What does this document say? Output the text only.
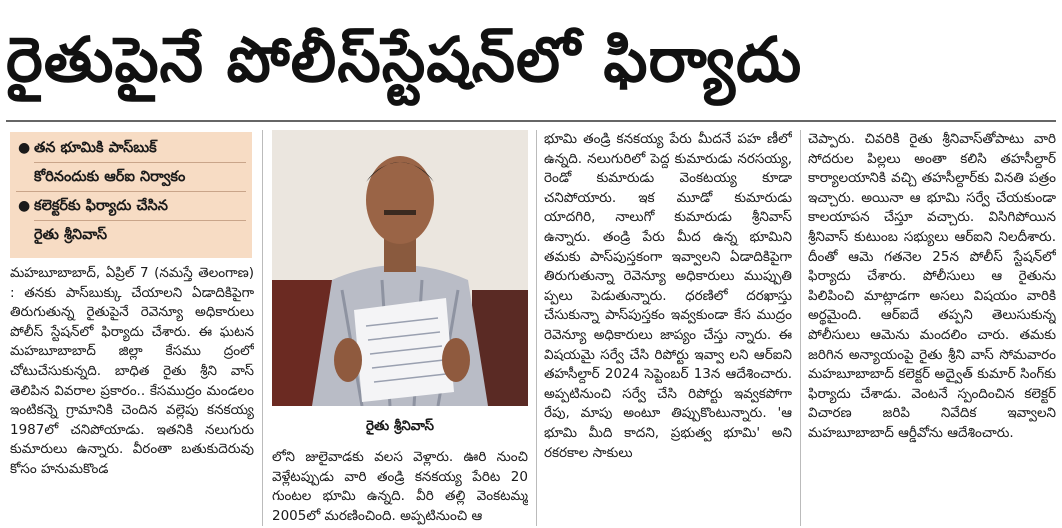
రైతుపైనే పోలీస్‌స్టేషన్‌లో ఫిర్యాదు
● తన భూమికి పాస్‌బుక్
కోరినందుకు ఆర్‌ఐ నిర్వాకం
● కలెక్టర్‌కు ఫిర్యాదు చేసిన
రైతు శ్రీనివాస్

మహబూబాబాద్, ఏప్రిల్ 7 (నమస్తే తెలంగాణ) : తనకు పాస్‌బుక్కు చేయాలని ఏడాదికిపైగా తిరుగుతున్న రైతుపైనే రెవెన్యూ అధికారులు పోలీస్ స్టేషన్‌లో ఫిర్యాదు చేశారు. ఈ ఘటన మహబూబాబాద్ జిల్లా కేసము ద్రంలో చోటుచేసుకున్నది. బాధిత రైతు శ్రీని వాస్ తెలిపిన వివరాల ప్రకారం.. కేసముద్రం మండలం ఇంటికన్నె గ్రామానికి చెందిన వల్లెపు కనకయ్య 1987లో చనిపోయాడు. ఇతనికి నలుగురు కుమారులు ఉన్నారు. వీరంతా బతుకుదెరువు కోసం హనుమకొండ

రైతు శ్రీనివాస్

లోని జులైవాడకు వలస వెళ్లారు. ఊరి నుంచి వెళ్లేటప్పుడు వారి తండ్రి కనకయ్య పేరిట 20 గుంటల భూమి ఉన్నది. వీరి తల్లి వెంకటమ్మ 2005లో మరణించింది. అప్పటినుంచి ఆ

భూమి తండ్రి కనకయ్య పేరు మీదనే పహ ణీలో ఉన్నది. నలుగురిలో పెద్ద కుమారుడు నరసయ్య, రెండో కుమారుడు వెంకటయ్య కూడా చనిపోయారు. ఇక మూడో కుమారుడు యాదగిరి, నాలుగో కుమారుడు శ్రీనివాస్ ఉన్నారు. తండ్రి పేరు మీద ఉన్న భూమిని తమకు పాస్‌పుస్తకంగా ఇవ్వాలని ఏడాదికిపైగా తిరుగుతున్నా రెవెన్యూ అధికారులు ముప్పుతి ప్పలు పెడుతున్నారు. ధరణిలో దరఖాస్తు చేసుకున్నా పాస్‌పుస్తకం ఇవ్వకుండా కేస ముద్రం రెవెన్యూ అధికారులు జాప్యం చేస్తు న్నారు. ఈ విషయమై సర్వే చేసి రిపోర్టు ఇవ్వా లని ఆర్‌ఐని తహసీల్దార్ 2024 సెప్టెంబర్ 13న ఆదేశించారు. అప్పటినుంచి సర్వే చేసి రిపోర్టు ఇవ్వకపోగా రేపు, మాపు అంటూ తిప్పుకొంటున్నారు. 'ఆ భూమి మీది కాదని, ప్రభుత్వ భూమి' అని రకరకాల సాకులు

చెప్పారు. చివరికి రైతు శ్రీనివాస్‌తోపాటు వారి సోదరుల పిల్లలు అంతా కలిసి తహసీల్దార్ కార్యాలయానికి వచ్చి తహసీల్దార్‌కు వినతి పత్రం ఇచ్చారు. అయినా ఆ భూమి సర్వే చేయకుండా కాలయాపన చేస్తూ వచ్చారు. విసిగిపోయిన శ్రీనివాస్ కుటుంబ సభ్యులు ఆర్‌ఐని నిలదీశారు. దీంతో ఆమె గతనెల 25న పోలీస్ స్టేషన్‌లో ఫిర్యాదు చేశారు. పోలీసులు ఆ రైతును పిలిపించి మాట్లాడగా అసలు విషయం వారికి అర్థమైంది. ఆర్‌ఐదే తప్పని తెలుసుకున్న పోలీసులు ఆమెను మందలిం చారు. తమకు జరిగిన అన్యాయంపై రైతు శ్రీని వాస్ సోమవారం మహబూబాబాద్ కలెక్టర్ అద్వైత్ కుమార్ సింగ్‌కు ఫిర్యాదు చేశాడు. వెంటనే స్పందించిన కలెక్టర్ విచారణ జరిపి నివేదిక ఇవ్వాలని మహబూబాబాద్ ఆర్డీవోను ఆదేశించారు.
